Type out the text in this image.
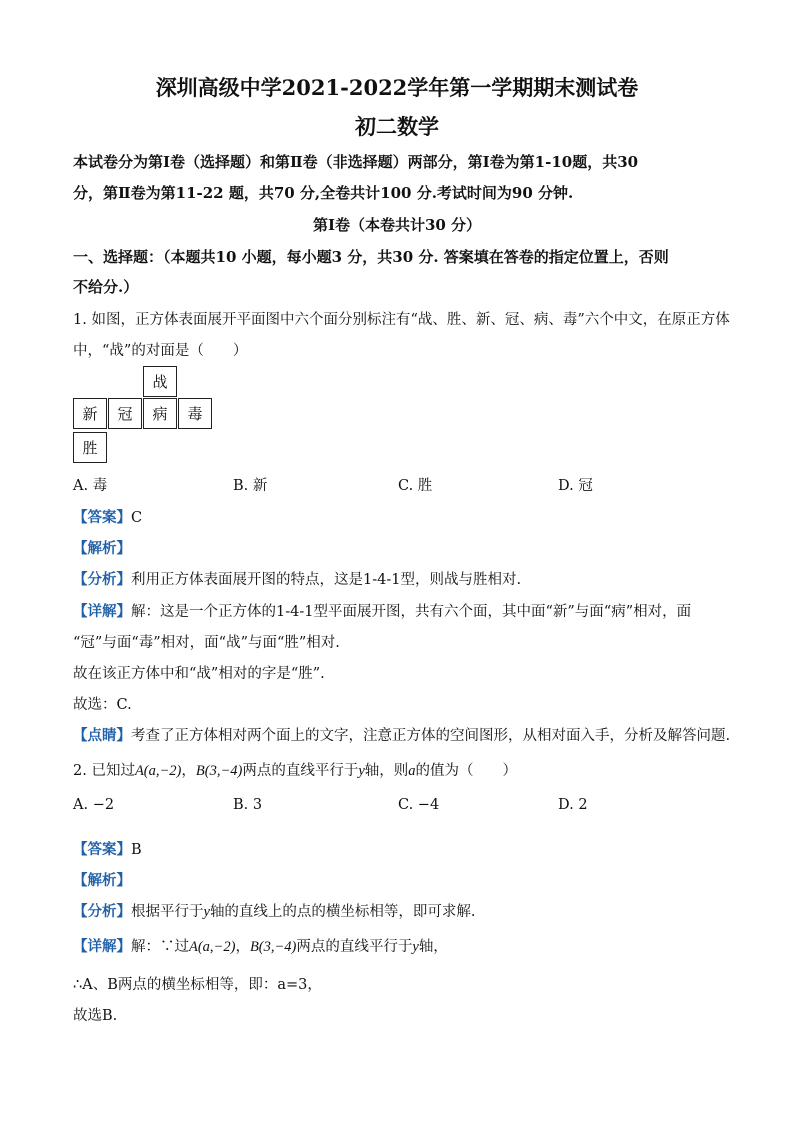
深圳高级中学2021-2022学年第一学期期末测试卷
初二数学
本试卷分为第Ⅰ卷（选择题）和第Ⅱ卷（非选择题）两部分，第Ⅰ卷为第1-10题，共30
分，第Ⅱ卷为第11-22 题，共70 分,全卷共计100 分.考试时间为90 分钟.
第Ⅰ卷（本卷共计30 分）
一、选择题：（本题共10 小题，每小题3 分，共30 分. 答案填在答卷的指定位置上，否则
不给分.）
1. 如图，正方体表面展开平面图中六个面分别标注有“战、胜、新、冠、病、毒”六个中文，在原正方体
中，“战”的对面是（　　）
战
新	冠	病	毒
胜
A. 毒	B. 新	C. 胜	D. 冠
【答案】C
【解析】
【分析】利用正方体表面展开图的特点，这是1-4-1型，则战与胜相对.
【详解】解：这是一个正方体的1-4-1型平面展开图，共有六个面，其中面“新”与面“病”相对，面
“冠”与面“毒”相对，面“战”与面“胜”相对.
故在该正方体中和“战”相对的字是“胜”.
故选：C.
【点睛】考查了正方体相对两个面上的文字，注意正方体的空间图形，从相对面入手，分析及解答问题.
2. 已知过A(a,−2)，B(3,−4)两点的直线平行于y轴，则a的值为（　　）
A. −2	B. 3	C. −4	D. 2
【答案】B
【解析】
【分析】根据平行于y轴的直线上的点的横坐标相等，即可求解.
【详解】解：∵过A(a,−2)，B(3,−4)两点的直线平行于y轴，
∴A、B两点的横坐标相等，即：a=3，
故选B.
